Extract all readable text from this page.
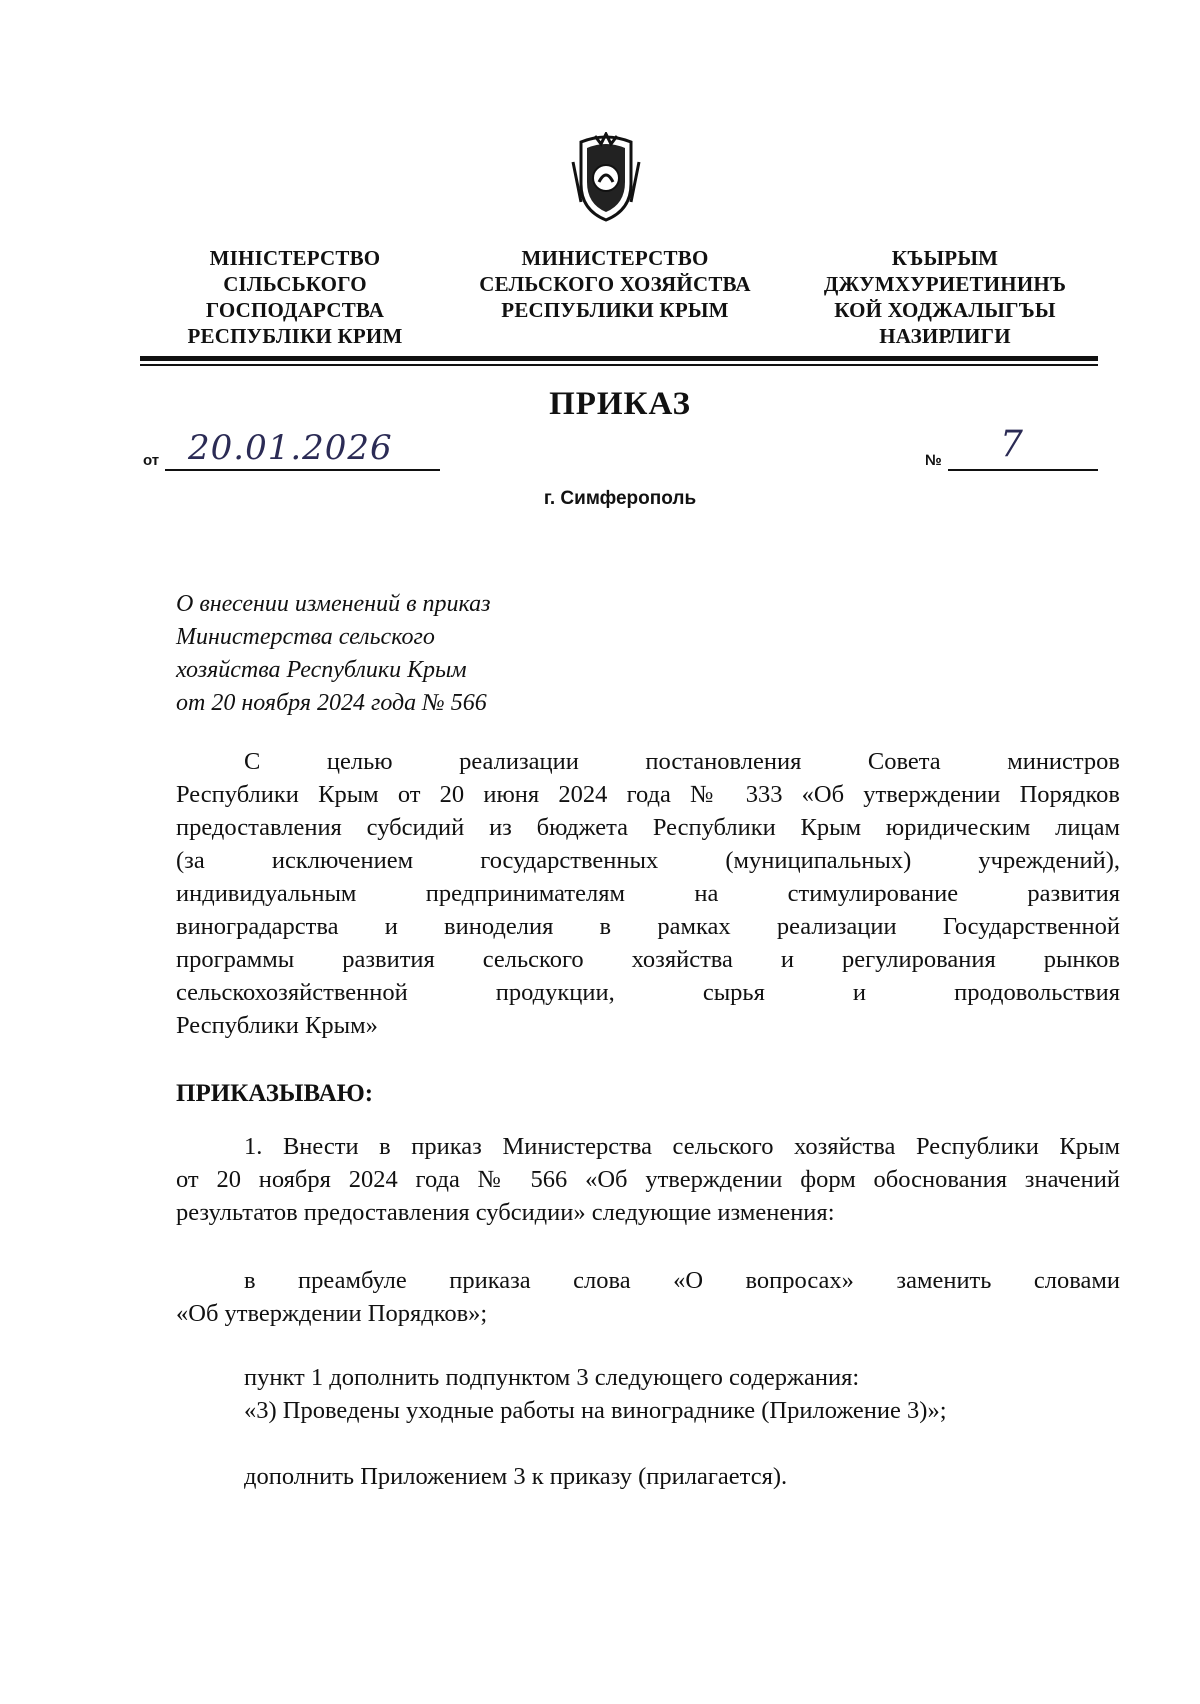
МІНІСТЕРСТВО
СІЛЬСЬКОГО
ГОСПОДАРСТВА
РЕСПУБЛІКИ КРИМ
МИНИСТЕРСТВО
СЕЛЬСКОГО ХОЗЯЙСТВА
РЕСПУБЛИКИ КРЫМ
КЪЫРЫМ
ДЖУМХУРИЕТИНИНЪ
КОЙ ХОДЖАЛЫГЪЫ
НАЗИРЛИГИ
ПРИКАЗ
от 20.01.2026	№ 7
г. Симферополь
О внесении изменений в приказ
Министерства сельского
хозяйства Республики Крым
от 20 ноября 2024 года № 566
С целью реализации постановления Совета министров
Республики Крым от 20 июня 2024 года № 333 «Об утверждении Порядков
предоставления субсидий из бюджета Республики Крым юридическим лицам
(за исключением государственных (муниципальных) учреждений),
индивидуальным предпринимателям на стимулирование развития
виноградарства и виноделия в рамках реализации Государственной
программы развития сельского хозяйства и регулирования рынков
сельскохозяйственной продукции, сырья и продовольствия
Республики Крым»
ПРИКАЗЫВАЮ:
1. Внести в приказ Министерства сельского хозяйства Республики Крым
от 20 ноября 2024 года № 566 «Об утверждении форм обоснования значений
результатов предоставления субсидии» следующие изменения:
в преамбуле приказа слова «О вопросах» заменить словами
«Об утверждении Порядков»;
пункт 1 дополнить подпунктом 3 следующего содержания:
«3) Проведены уходные работы на винограднике (Приложение 3)»;
дополнить Приложением 3 к приказу (прилагается).
